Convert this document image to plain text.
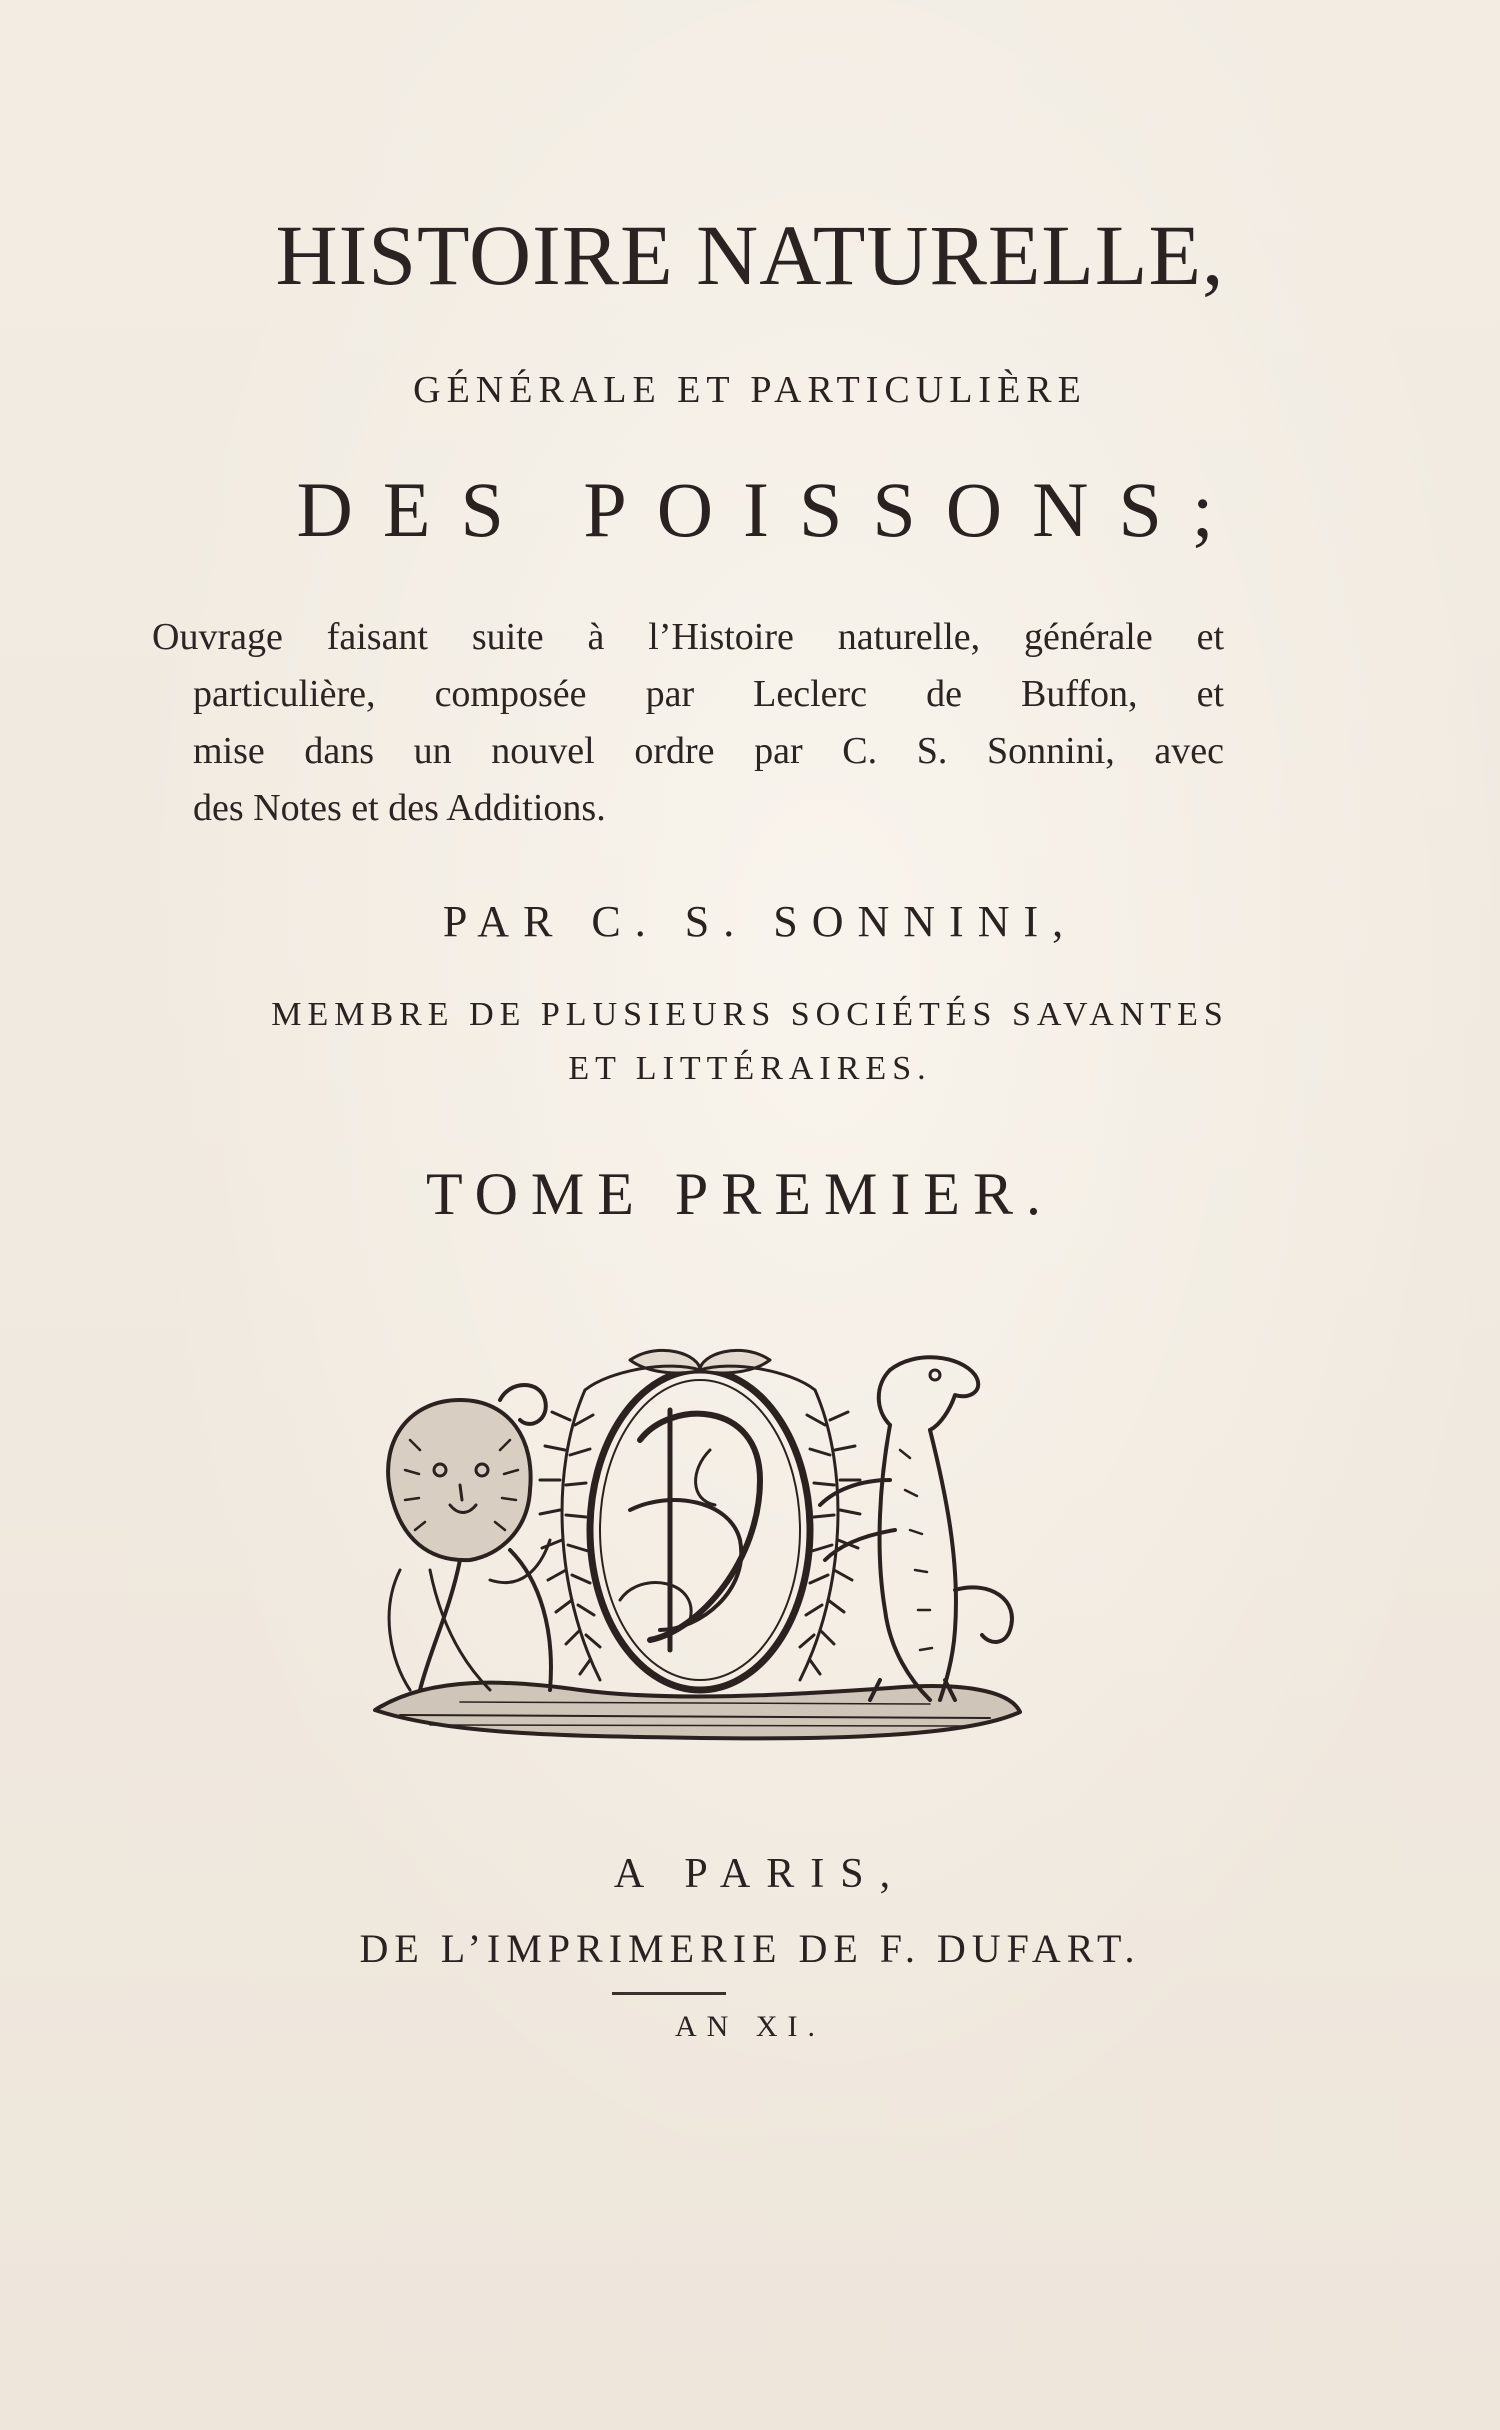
HISTOIRE NATURELLE,
GÉNÉRALE ET PARTICULIÈRE
DES POISSONS;
Ouvrage faisant suite à l’Histoire naturelle, générale et
particulière, composée par Leclerc de Buffon, et
mise dans un nouvel ordre par C. S. Sonnini, avec
des Notes et des Additions.
PAR C. S. SONNINI,
MEMBRE DE PLUSIEURS SOCIÉTÉS SAVANTES
ET LITTÉRAIRES.
TOME PREMIER.
A PARIS,
DE L’IMPRIMERIE DE F. DUFART.
AN XI.
